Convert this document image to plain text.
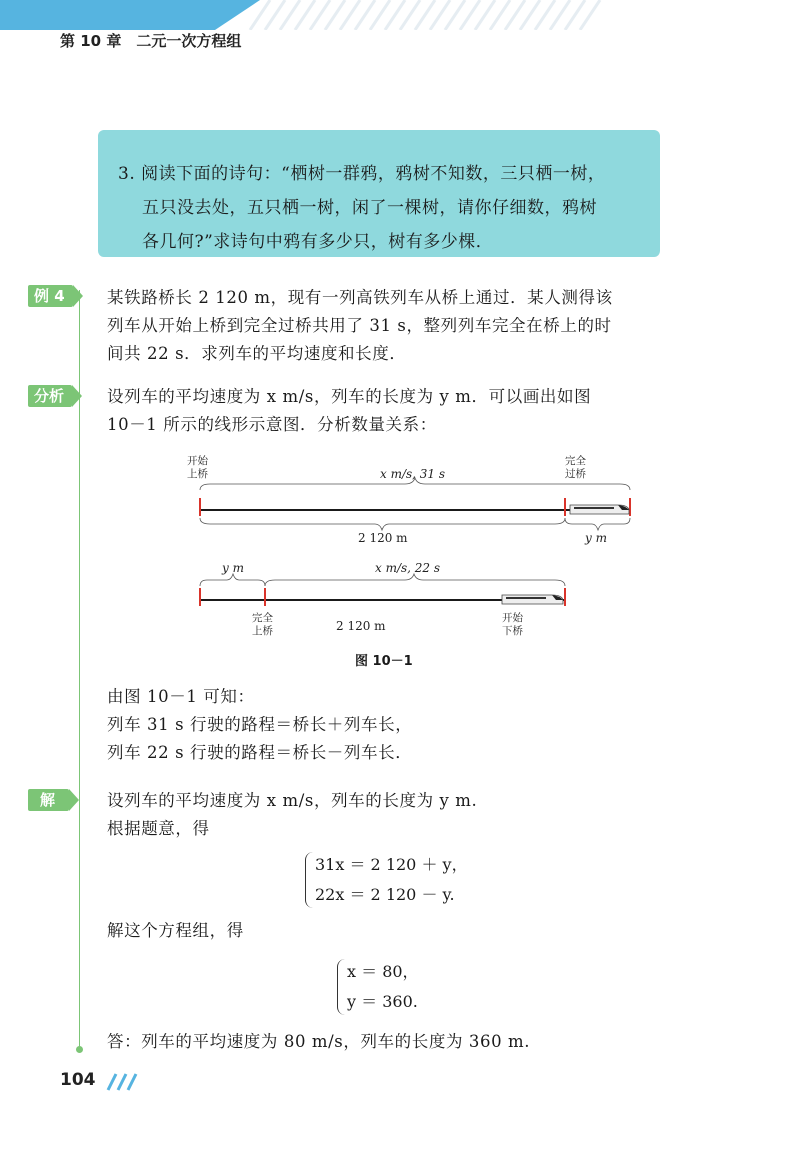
第 10 章　二元一次方程组
3. 阅读下面的诗句：“栖树一群鸦，鸦树不知数，三只栖一树，
五只没去处，五只栖一树，闲了一棵树，请你仔细数，鸦树
各几何?”求诗句中鸦有多少只，树有多少棵．
例 4	某铁路桥长 2 120 m，现有一列高铁列车从桥上通过．某人测得该
列车从开始上桥到完全过桥共用了 31 s，整列列车完全在桥上的时
间共 22 s．求列车的平均速度和长度．
分析	设列车的平均速度为 x m/s，列车的长度为 y m．可以画出如图
10－1 所示的线形示意图．分析数量关系：
开始
上桥
完全
过桥
x m/s, 31 s
2 120 m	y m
y m	x m/s, 22 s
2 120 m
完全
上桥
开始
下桥
图 10－1
由图 10－1 可知：
列车 31 s 行驶的路程＝桥长＋列车长，
列车 22 s 行驶的路程＝桥长－列车长．
解	设列车的平均速度为 x m/s，列车的长度为 y m.
根据题意，得
31x ＝ 2 120 ＋ y，
22x ＝ 2 120 － y.
解这个方程组，得
x ＝ 80，
y ＝ 360.
答：列车的平均速度为 80 m/s，列车的长度为 360 m.
104
